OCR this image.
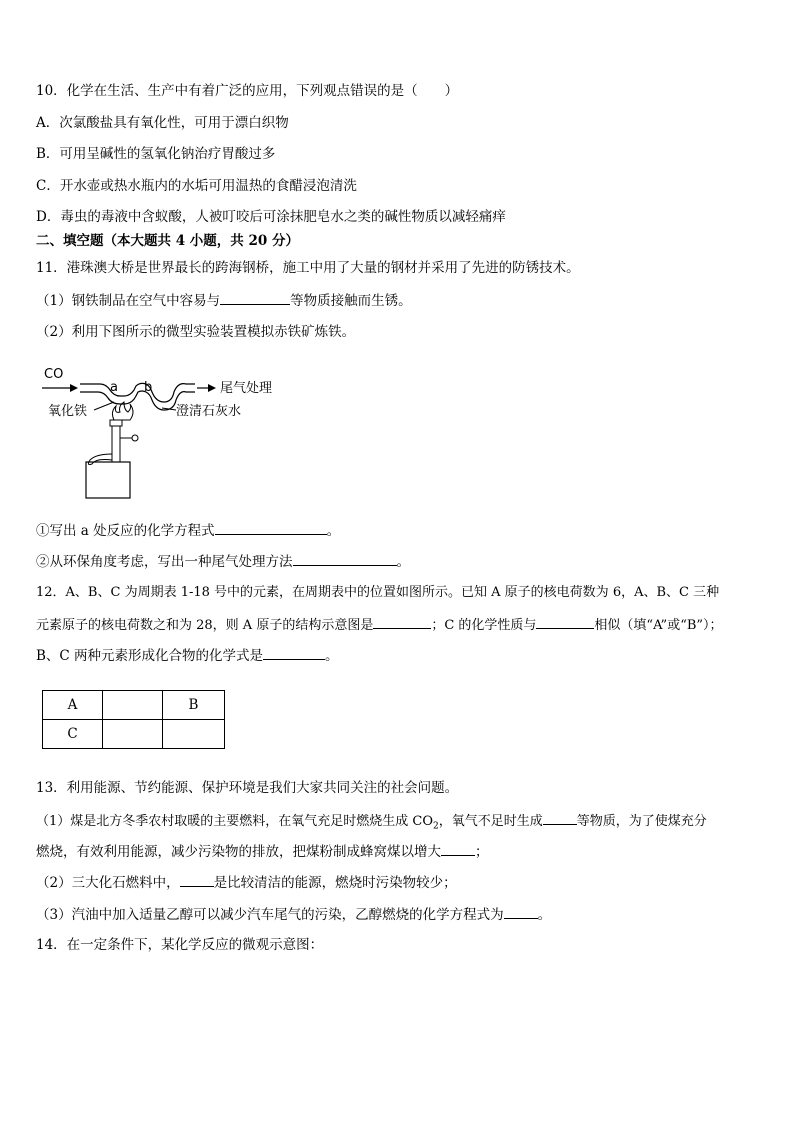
10．化学在生活、生产中有着广泛的应用，下列观点错误的是（　　）
A．次氯酸盐具有氧化性，可用于漂白织物
B．可用呈碱性的氢氧化钠治疗胃酸过多
C．开水壶或热水瓶内的水垢可用温热的食醋浸泡清洗
D．毒虫的毒液中含蚁酸，人被叮咬后可涂抹肥皂水之类的碱性物质以减轻痛痒
二、填空题（本大题共 4 小题，共 20 分）
11．港珠澳大桥是世界最长的跨海钢桥，施工中用了大量的钢材并采用了先进的防锈技术。
（1）钢铁制品在空气中容易与	等物质接触而生锈。
（2）利用下图所示的微型实验装置模拟赤铁矿炼铁。
CO
a b	尾气处理
氧化铁	澄清石灰水
①写出 a 处反应的化学方程式	。
②从环保角度考虑，写出一种尾气处理方法	。
12．A、B、C 为周期表 1-18 号中的元素，在周期表中的位置如图所示。已知 A 原子的核电荷数为 6，A、B、C 三种
元素原子的核电荷数之和为 28，则 A 原子的结构示意图是	；C 的化学性质与	相似（填“A”或“B”）；
B、C 两种元素形成化合物的化学式是	。
A		B
C		
13．利用能源、节约能源、保护环境是我们大家共同关注的社会问题。
（1）煤是北方冬季农村取暖的主要燃料，在氧气充足时燃烧生成 $CO_2$，氧气不足时生成	等物质，为了使煤充分
燃烧，有效利用能源，减少污染物的排放，把煤粉制成蜂窝煤以增大	；
（2）三大化石燃料中，	是比较清洁的能源，燃烧时污染物较少；
（3）汽油中加入适量乙醇可以减少汽车尾气的污染，乙醇燃烧的化学方程式为	。
14．在一定条件下，某化学反应的微观示意图：
